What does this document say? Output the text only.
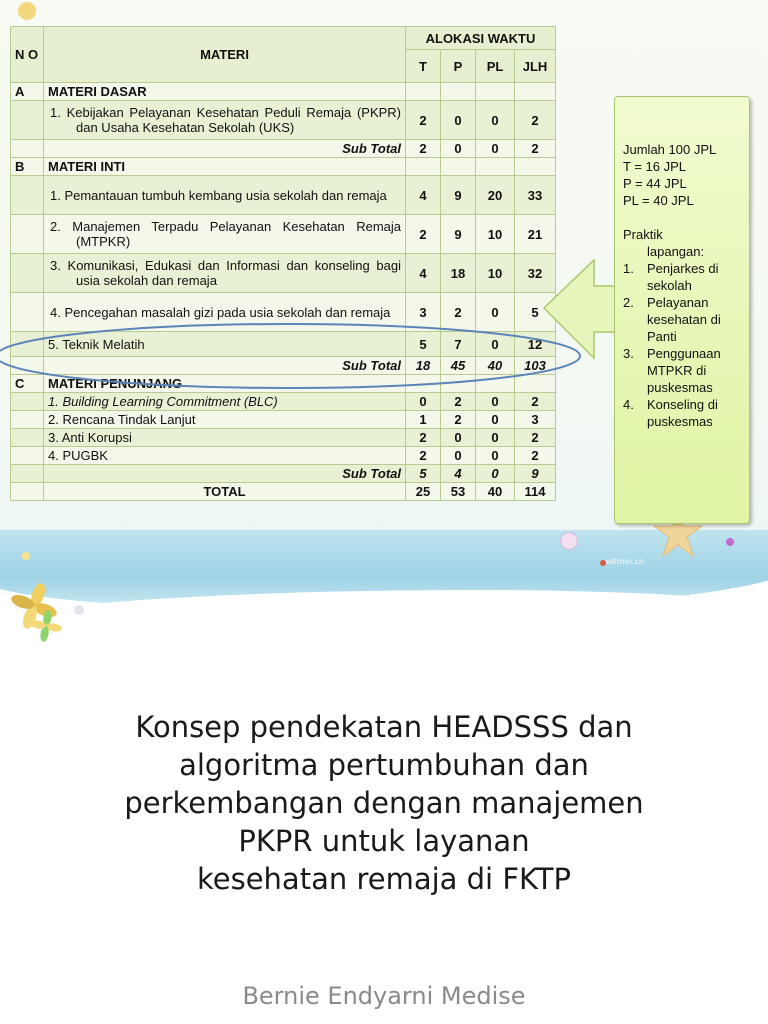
N O	MATERI	ALOKASI WAKTU			
		T	P	PL	JLH
A	MATERI DASAR				
	1. Kebijakan Pelayanan Kesehatan Peduli Remaja (PKPR) dan Usaha Kesehatan Sekolah (UKS)	2	0	0	2
	Sub Total	2	0	0	2
B	MATERI INTI				
	1. Pemantauan tumbuh kembang usia sekolah dan remaja	4	9	20	33
	2. Manajemen Terpadu Pelayanan Kesehatan Remaja (MTPKR)	2	9	10	21
	3. Komunikasi, Edukasi dan Informasi dan konseling bagi usia sekolah dan remaja	4	18	10	32
	4. Pencegahan masalah gizi pada usia sekolah dan remaja	3	2	0	5
	5. Teknik Melatih	5	7	0	12
	Sub Total	18	45	40	103
C	MATERI PENUNJANG				
	1. Building Learning Commitment (BLC)	0	2	0	2
	2. Rencana Tindak Lanjut	1	2	0	3
	3. Anti Korupsi	2	0	0	2
	4. PUGBK	2	0	0	2
	Sub Total	5	4	0	9
	TOTAL	25	53	40	114
Jumlah 100 JPL
T = 16 JPL
P = 44 JPL
PL = 40 JPL
Praktik
lapangan:
1. Penjarkes di sekolah
2. Pelayanan kesehatan di Panti
3. Penggunaan MTPKR di puskesmas
4. Konseling di puskesmas
witmin.cn
Konsep pendekatan HEADSSS dan
algoritma pertumbuhan dan
perkembangan dengan manajemen
PKPR untuk layanan
kesehatan remaja di FKTP
Bernie Endyarni Medise
